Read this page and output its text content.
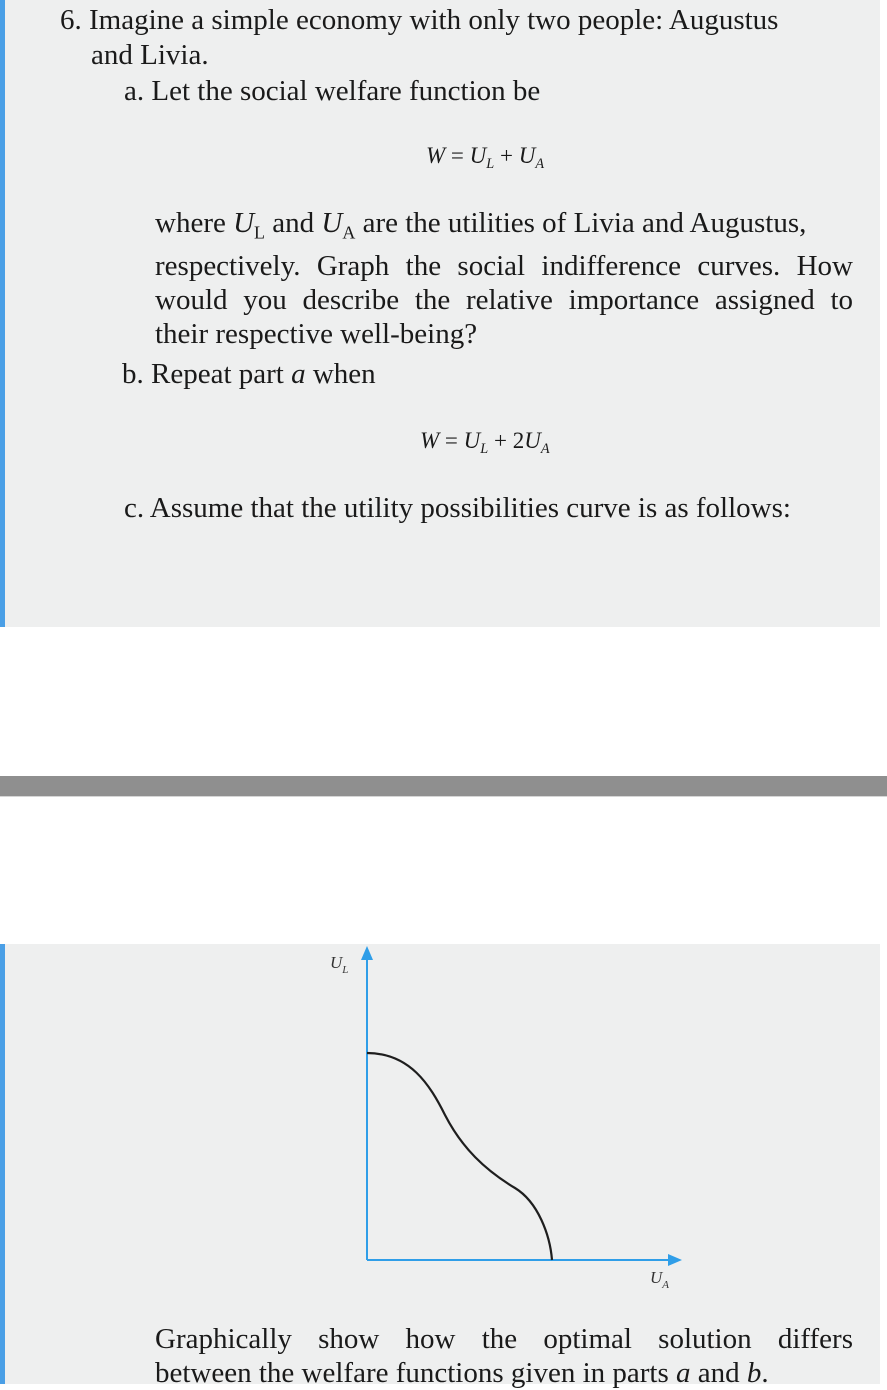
6. Imagine a simple economy with only two people: Augustus
and Livia.
a. Let the social welfare function be
$W = U_L + U_A$
where $U_L$ and $U_A$ are the utilities of Livia and Augustus,
respectively. Graph the social indifference curves. How would you describe the relative importance assigned to their respective well-being?
b. Repeat part a when
$W = U_L + 2U_A$
c. Assume that the utility possibilities curve is as follows:
$U_L$
$U_A$
Graphically show how the optimal solution differs
between the welfare functions given in parts a and b.
